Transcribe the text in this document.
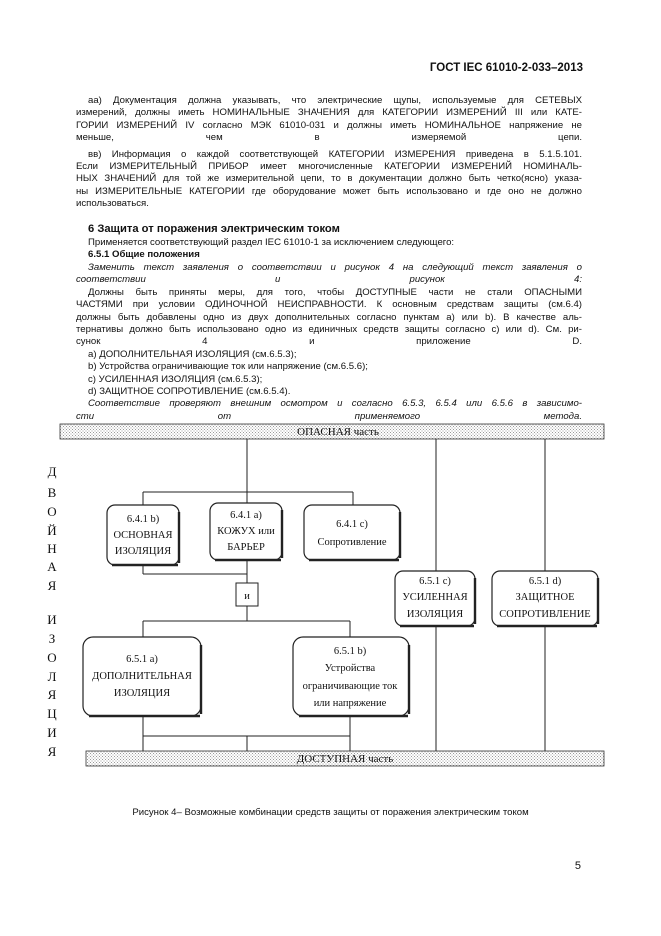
ГОСТ IEC 61010-2-033–2013
аа) Документация должна указывать, что электрические щупы, используемые для СЕТЕВЫХ
измерений, должны иметь НОМИНАЛЬНЫЕ ЗНАЧЕНИЯ для КАТЕГОРИИ ИЗМЕРЕНИЙ III или КАТЕ-
ГОРИИ ИЗМЕРЕНИЙ IV согласно МЭК 61010-031 и должны иметь НОМИНАЛЬНОЕ напряжение не
меньше, чем в измеряемой цепи.
вв) Информация о каждой соответствующей КАТЕГОРИИ ИЗМЕРЕНИЯ приведена в 5.1.5.101.
Если ИЗМЕРИТЕЛЬНЫЙ ПРИБОР имеет многочисленные КАТЕГОРИИ ИЗМЕРЕНИЙ НОМИНАЛЬ-
НЫХ ЗНАЧЕНИЙ для той же измерительной цепи, то в документации должно быть четко(ясно) указа-
ны ИЗМЕРИТЕЛЬНЫЕ КАТЕГОРИИ где оборудование может быть использовано и где оно не должно
использоваться.
6 Защита от поражения электрическим током
Применяется соответствующий раздел IEC 61010-1 за исключением следующего:
6.5.1 Общие положения
Заменить текст заявления о соответствии и рисунок 4 на следующий текст заявления о
соответствии и рисунок 4:
Должны быть приняты меры, для того, чтобы ДОСТУПНЫЕ части не стали ОПАСНЫМИ
ЧАСТЯМИ при условии ОДИНОЧНОЙ НЕИСПРАВНОСТИ. К основным средствам защиты (см.6.4)
должны быть добавлены одно из двух дополнительных согласно пунктам а) или b). В качестве аль-
тернативы должно быть использовано одно из единичных средств защиты согласно с) или d). См. ри-
сунок 4 и приложение D.
а) ДОПОЛНИТЕЛЬНАЯ ИЗОЛЯЦИЯ (см.6.5.3);
b) Устройства ограничивающие ток или напряжение (см.6.5.6);
с) УСИЛЕННАЯ ИЗОЛЯЦИЯ (см.6.5.3);
d) ЗАЩИТНОЕ СОПРОТИВЛЕНИЕ (см.6.5.4).
Соответствие проверяют внешним осмотром и согласно 6.5.3, 6.5.4 или 6.5.6 в зависимо-
сти от применяемого метода.
ОПАСНАЯ часть
ДОСТУПНАЯ часть
6.4.1 b)
ОСНОВНАЯ
ИЗОЛЯЦИЯ
6.4.1 a)
КОЖУХ или
БАРЬЕР
6.4.1 c)
Сопротивление
и
6.5.1 c)
УСИЛЕННАЯ
ИЗОЛЯЦИЯ
6.5.1 d)
ЗАЩИТНОЕ
СОПРОТИВЛЕНИЕ
6.5.1 a)
ДОПОЛНИТЕЛЬНАЯ
ИЗОЛЯЦИЯ
6.5.1 b)
Устройства
ограничивающие ток
или напряжение
Д
В
О
Й
Н
А
Я
И
З
О
Л
Я
Ц
И
Я
Рисунок 4– Возможные комбинации средств защиты от поражения электрическим током
5
